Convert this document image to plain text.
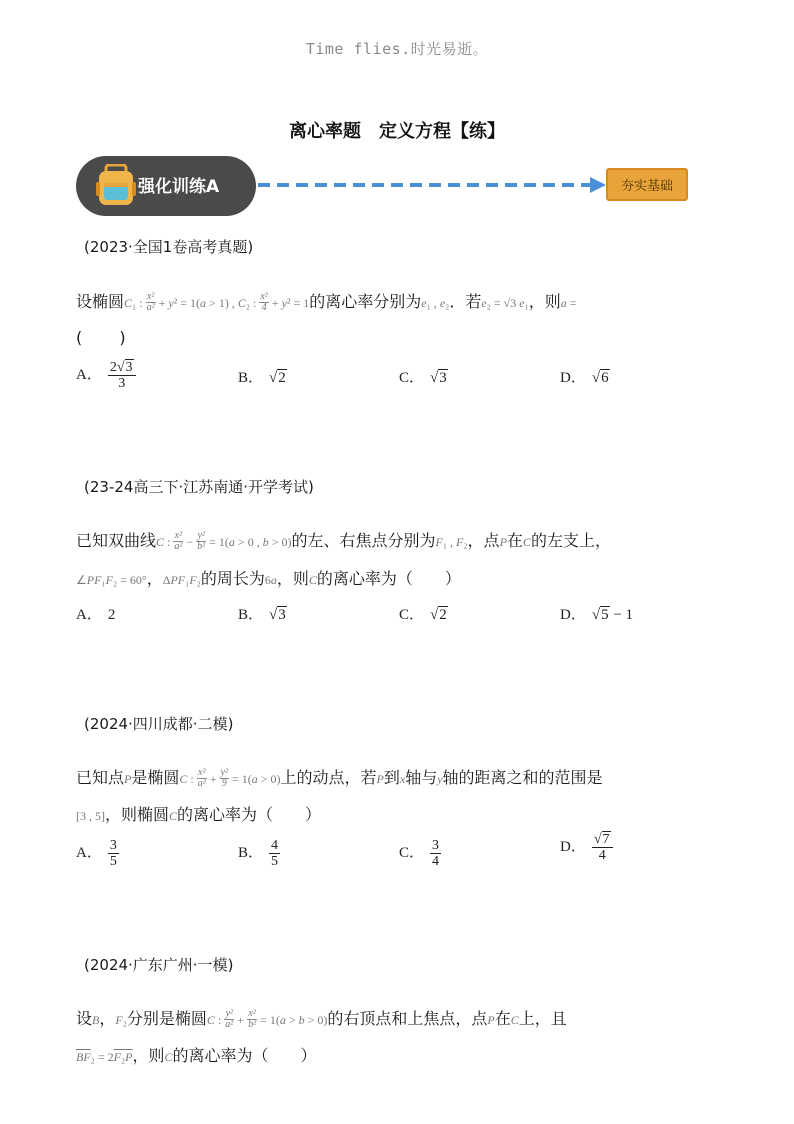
Time flies.时光易逝。
离心率题　定义方程【练】
强化训练A	夯实基础
(2023·全国1卷高考真题)
设椭圆C₁ : $\frac{\text{x²}}{\text{a²}} + y^2 = 1(a > 1)$ , C₂ : $\frac{\text{x²}}{4} + y^2 = 1$的离心率分别为e₁ , e₂．若e₂ = √3 e₁，则a =
( 　　)
A． $\frac{2√3}{3}$	B． √2	C． √3	D． √6
(23-24高三下·江苏南通·开学考试)
已知双曲线C : $\frac{\text{x²}}{\text{a²}} - \frac{\text{y²}}{\text{b²}} = 1(a > 0$ , b > 0)的左、右焦点分别为F₁ , F₂，点P在C的左支上，
∠PF₁F₂ = 60°，ΔPF₁F₂的周长为6a，则C的离心率为（　　）
A． 2	B． √3	C． √2	D． √5 − 1
(2024·四川成都·二模)
已知点P是椭圆C : $\frac{\text{x²}}{\text{a²}} + \frac{\text{y²}}{9} = 1(a > 0)$上的动点，若P到x轴与y轴的距离之和的范围是
[3 , 5]，则椭圆C的离心率为（　　）
A． $\frac{3}{5}$	B． $\frac{4}{5}$	C． $\frac{3}{4}$	D． $\frac{√7}{4}$
(2024·广东广州·一模)
设B，F₂分别是椭圆C : $\frac{\text{y²}}{\text{a²}} + \frac{\text{x²}}{\text{b²}} = 1(a > b > 0)$的右顶点和上焦点，点P在C上，且
$\overline{BF}_2 = 2\overline{F}_2\overline{P}$，则C的离心率为（　　）
